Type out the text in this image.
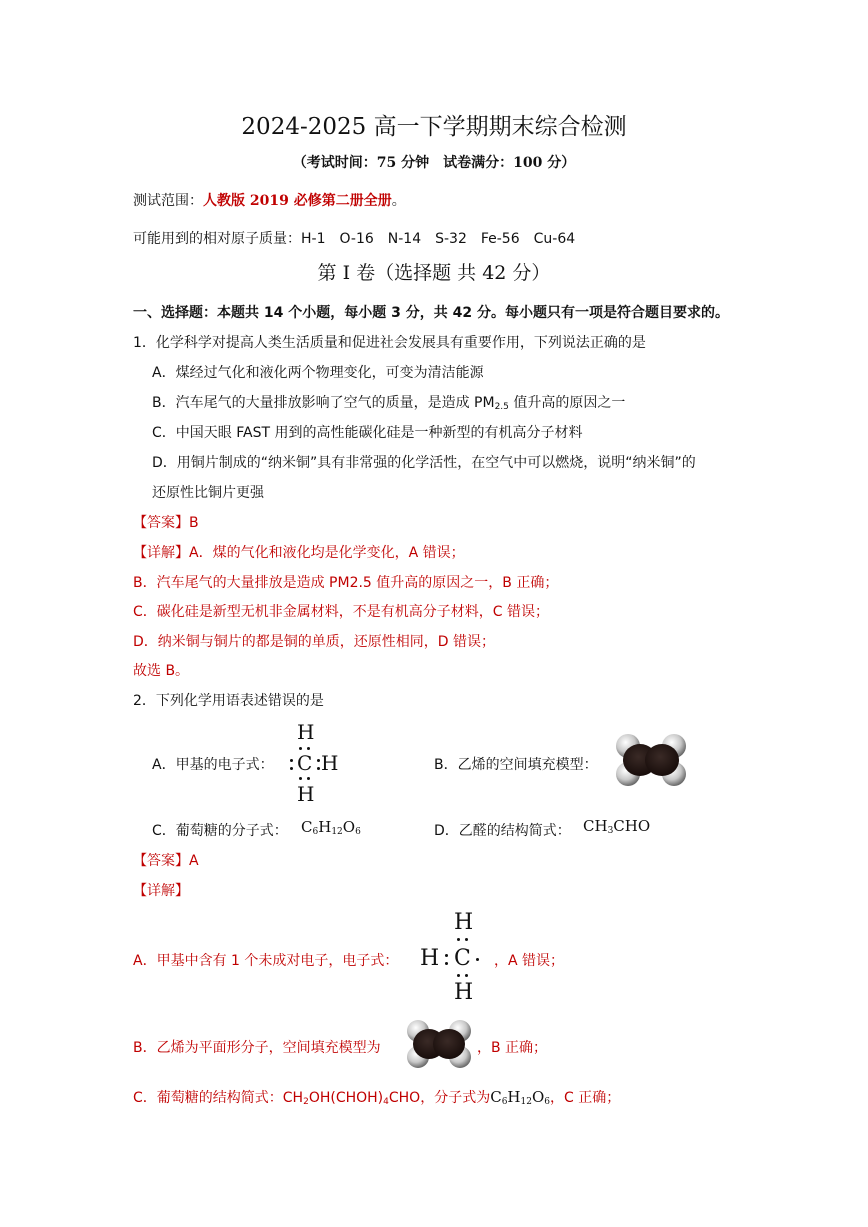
2024-2025 高一下学期期末综合检测
（考试时间：75 分钟　试卷满分：100 分）
测试范围：人教版 2019 必修第二册全册。
可能用到的相对原子质量：H-1　O-16　N-14　S-32　Fe-56　Cu-64
第 I 卷（选择题 共 42 分）
一、选择题：本题共 14 个小题，每小题 3 分，共 42 分。每小题只有一项是符合题目要求的。
1．化学科学对提高人类生活质量和促进社会发展具有重要作用，下列说法正确的是
A．煤经过气化和液化两个物理变化，可变为清洁能源
B．汽车尾气的大量排放影响了空气的质量，是造成 $PM_{2.5}$ 值升高的原因之一
C．中国天眼 FAST 用到的高性能碳化硅是一种新型的有机高分子材料
D．用铜片制成的“纳米铜”具有非常强的化学活性，在空气中可以燃烧，说明“纳米铜”的
还原性比铜片更强
【答案】B
【详解】A．煤的气化和液化均是化学变化，A 错误；
B．汽车尾气的大量排放是造成 PM2.5 值升高的原因之一，B 正确；
C．碳化硅是新型无机非金属材料，不是有机高分子材料，C 错误；
D．纳米铜与铜片的都是铜的单质，还原性相同，D 错误；
故选 B。
2．下列化学用语表述错误的是
A．甲基的电子式：
H
C H
H
B．乙烯的空间填充模型：
C．葡萄糖的分子式： $C_6H_{12}O_6$	D．乙醛的结构简式： $CH_3CHO$
【答案】A
【详解】
A．甲基中含有 1 个未成对电子，电子式：
H
H C
H
，A 错误；
B．乙烯为平面形分子，空间填充模型为	，B 正确；
C．葡萄糖的结构简式：$CH_2OH(CHOH)_4CHO$，分子式为$C_6H_{12}O_6$，C 正确；
